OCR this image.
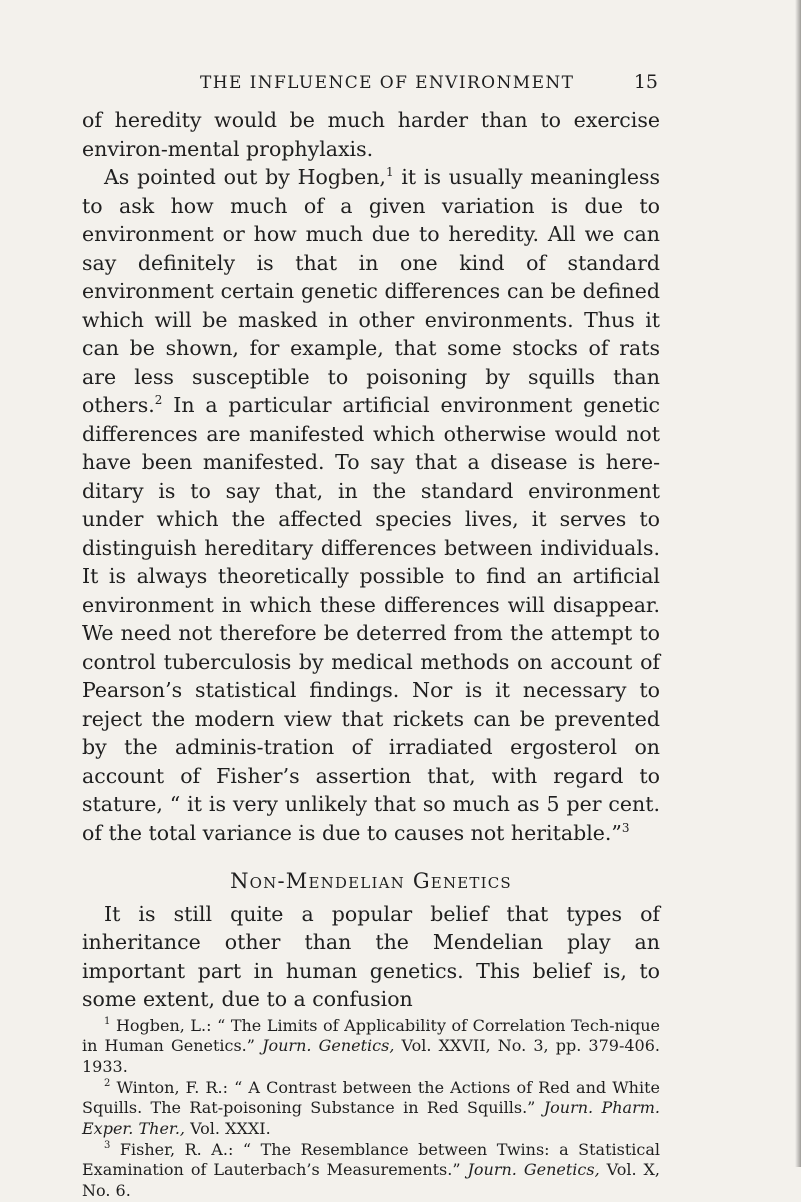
THE INFLUENCE OF ENVIRONMENT	15

of heredity would be much harder than to exercise environ-mental prophylaxis.

As pointed out by Hogben,$^1$ it is usually meaningless to ask how much of a given variation is due to environment or how much due to heredity. All we can say definitely is that in one kind of standard environment certain genetic differences can be defined which will be masked in other environments. Thus it can be shown, for example, that some stocks of rats are less susceptible to poisoning by squills than others.$^2$ In a particular artificial environment genetic differences are manifested which otherwise would not have been manifested. To say that a disease is here-ditary is to say that, in the standard environment under which the affected species lives, it serves to distinguish hereditary differences between individuals. It is always theoretically possible to find an artificial environment in which these differences will disappear. We need not therefore be deterred from the attempt to control tuberculosis by medical methods on account of Pearson’s statistical findings. Nor is it necessary to reject the modern view that rickets can be prevented by the adminis-tration of irradiated ergosterol on account of Fisher’s assertion that, with regard to stature, “ it is very unlikely that so much as 5 per cent. of the total variance is due to causes not heritable.”$^3$

Non-Mendelian Genetics

It is still quite a popular belief that types of inheritance other than the Mendelian play an important part in human genetics. This belief is, to some extent, due to a confusion

$^1$ Hogben, L.: “ The Limits of Applicability of Correlation Tech-nique in Human Genetics.” Journ. Genetics, Vol. XXVII, No. 3, pp. 379-406. 1933.

$^2$ Winton, F. R.: “ A Contrast between the Actions of Red and White Squills. The Rat-poisoning Substance in Red Squills.” Journ. Pharm. Exper. Ther., Vol. XXXI.

$^3$ Fisher, R. A.: “ The Resemblance between Twins: a Statistical Examination of Lauterbach’s Measurements.” Journ. Genetics, Vol. X, No. 6.
